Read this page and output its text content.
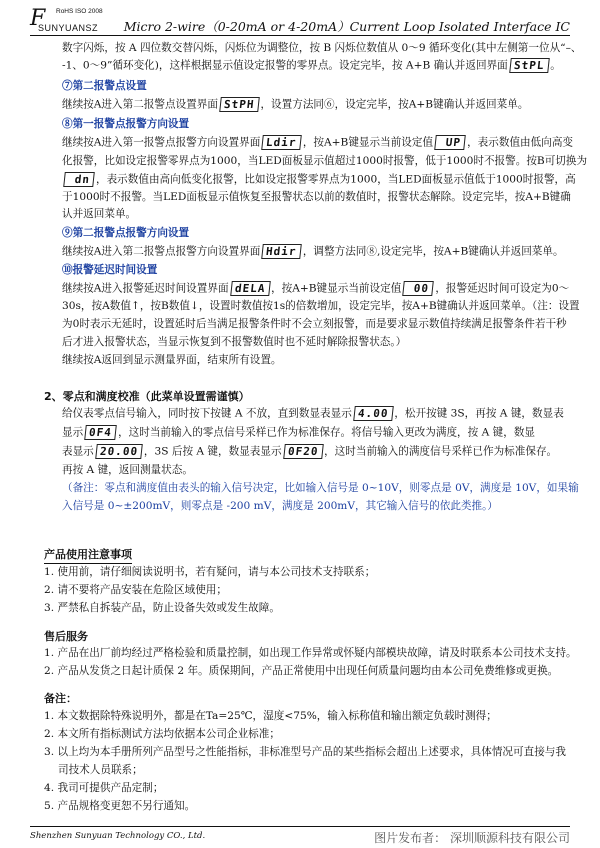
F RoHS ISO 2008
SUNYUANSZ Micro 2-wire（0-20mA or 4-20mA）Current Loop Isolated Interface IC
数字闪烁，按 A 四位数交替闪烁，闪烁位为调整位，按 B 闪烁位数值从 0～9 循环变化(其中左侧第一位从“–、
-1、0～9”循环变化)，这样根据显示值设定报警的零界点。设定完毕，按 A+B 确认并返回界面 StPL 。
⑦第二报警点设置
继续按A进入第二报警点设置界面 StPH ，设置方法同⑥，设定完毕，按A+B键确认并返回菜单。
⑧第一报警点报警方向设置
继续按A进入第一报警点报警方向设置界面 Ldir ，按A+B键显示当前设定值 UP ，表示数值由低向高变
化报警，比如设定报警零界点为1000，当LED面板显示值超过1000时报警，低于1000时不报警。按B可切换为
dn ，表示数值由高向低变化报警，比如设定报警零界点为1000，当LED面板显示值低于1000时报警，高
于1000时不报警。当LED面板显示值恢复至报警状态以前的数值时，报警状态解除。设定完毕，按A+B键确
认并返回菜单。
⑨第二报警点报警方向设置
继续按A进入第二报警点报警方向设置界面 Hdir ，调整方法同⑧,设定完毕，按A+B键确认并返回菜单。
⑩报警延迟时间设置
继续按A进入报警延迟时间设置界面 dELA ，按A+B键显示当前设定值 00 ，报警延迟时间可设定为0～
30s，按A数值↑，按B数值↓，设置时数值按1s的倍数增加，设定完毕，按A+B键确认并返回菜单。（注：设置
为0时表示无延时，设置延时后当满足报警条件时不会立刻报警，而是要求显示数值持续满足报警条件若干秒
后才进入报警状态，当显示恢复到不报警数值时也不延时解除报警状态。）
继续按A返回到显示测量界面，结束所有设置。
2、零点和满度校准（此菜单设置需谨慎）
给仪表零点信号输入，同时按下按键 A 不放，直到数显表显示 4.00 ，松开按键 3S，再按 A 键，数显表
显示 0F4 ，这时当前输入的零点信号采样已作为标准保存。将信号输入更改为满度，按 A 键，数显
表显示 20.00 ，3S 后按 A 键，数显表显示 0F20 ，这时当前输入的满度信号采样已作为标准保存。
再按 A 键，返回测量状态。
（备注：零点和满度值由表头的输入信号决定，比如输入信号是 0~10V，则零点是 0V，满度是 10V，如果输
入信号是 0~±200mV，则零点是 -200 mV，满度是 200mV，其它输入信号的依此类推。）
产品使用注意事项
1. 使用前，请仔细阅读说明书，若有疑问，请与本公司技术支持联系；
2. 请不要将产品安装在危险区域使用；
3. 严禁私自拆装产品，防止设备失效或发生故障。
售后服务
1. 产品在出厂前均经过严格检验和质量控制，如出现工作异常或怀疑内部模块故障，请及时联系本公司技术支持。
2. 产品从发货之日起计质保 2 年。质保期间，产品正常使用中出现任何质量问题均由本公司免费维修或更换。
备注：
1. 本文数据除特殊说明外，都是在Ta=25℃，湿度<75%，输入标称值和输出额定负载时测得；
2. 本文所有指标测试方法均依据本公司企业标准；
3. 以上均为本手册所列产品型号之性能指标，非标准型号产品的某些指标会超出上述要求，具体情况可直接与我
司技术人员联系；
4. 我司可提供产品定制；
5. 产品规格变更恕不另行通知。
Shenzhen Sunyuan Technology CO., Ltd.	图片发布者： 深圳顺源科技有限公司
